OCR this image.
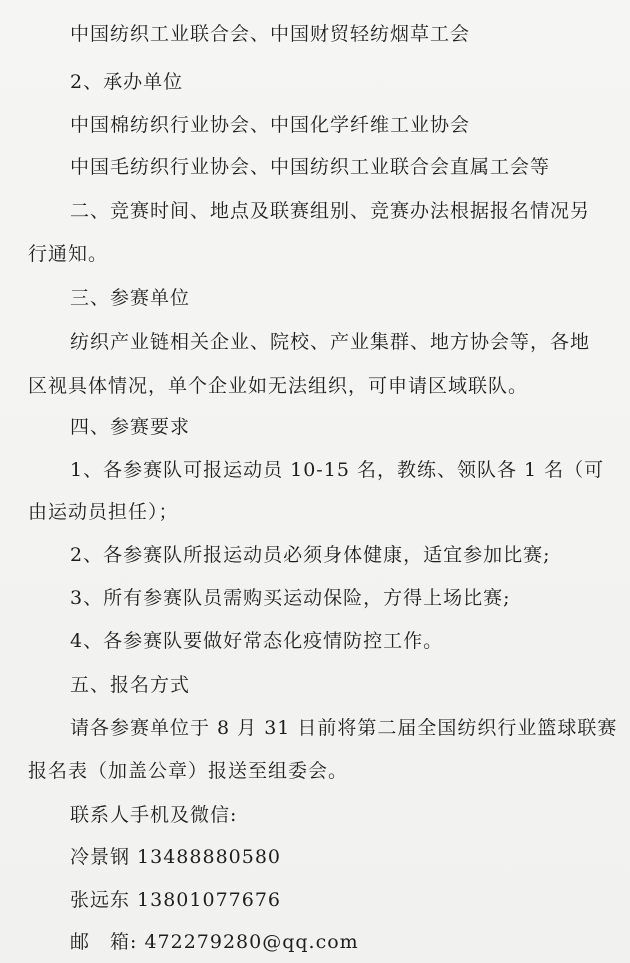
中国纺织工业联合会、中国财贸轻纺烟草工会
2、承办单位
中国棉纺织行业协会、中国化学纤维工业协会
中国毛纺织行业协会、中国纺织工业联合会直属工会等
二、竞赛时间、地点及联赛组别、竞赛办法根据报名情况另
行通知。
三、参赛单位
纺织产业链相关企业、院校、产业集群、地方协会等，各地
区视具体情况，单个企业如无法组织，可申请区域联队。
四、参赛要求
1、各参赛队可报运动员 10-15 名，教练、领队各 1 名（可
由运动员担任）；
2、各参赛队所报运动员必须身体健康，适宜参加比赛;
3、所有参赛队员需购买运动保险，方得上场比赛;
4、各参赛队要做好常态化疫情防控工作。
五、报名方式
请各参赛单位于 8 月 31 日前将第二届全国纺织行业篮球联赛
报名表（加盖公章）报送至组委会。
联系人手机及微信:
冷景钢 13488880580
张远东 13801077676
邮　箱: 472279280@qq.com
